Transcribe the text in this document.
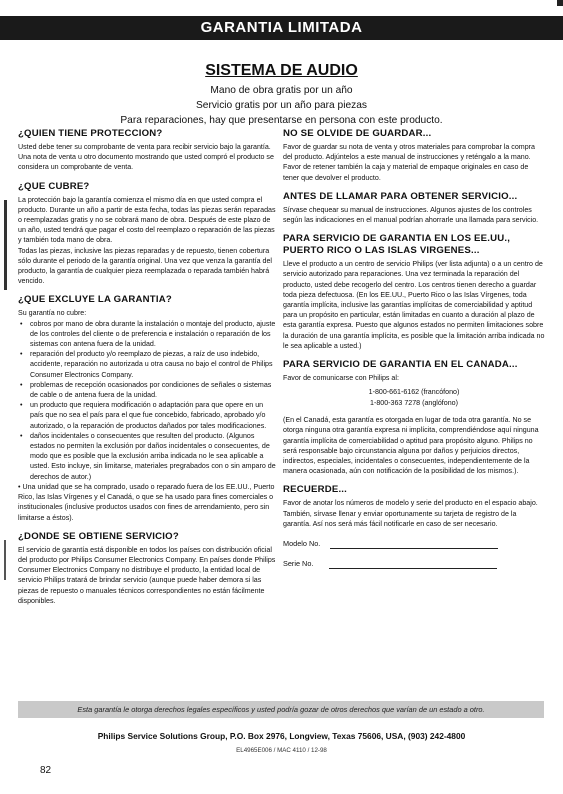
GARANTIA LIMITADA
SISTEMA DE AUDIO
Mano de obra gratis por un año
Servicio gratis por un año para piezas
Para reparaciones, hay que presentarse en persona con este producto.
¿QUIEN TIENE PROTECCION?

Usted debe tener su comprobante de venta para recibir servicio bajo la garantía. Una nota de venta u otro documento mostrando que usted compró el producto se considera un comprobante de venta.

¿QUE CUBRE?

La protección bajo la garantía comienza el mismo día en que usted compra el producto. Durante un año a partir de esta fecha, todas las piezas serán reparadas o reemplazadas gratis y no se cobrará mano de obra. Después de este plazo de un año, usted tendrá que pagar el costo del reemplazo o reparación de las piezas y también toda mano de obra.

Todas las piezas, inclusive las piezas reparadas y de repuesto, tienen cobertura sólo durante el periodo de la garantía original. Una vez que venza la garantía del producto, la garantía de cualquier pieza reemplazada o reparada también habrá vencido.

¿QUE EXCLUYE LA GARANTIA?

Su garantía no cubre:

• cobros por mano de obra durante la instalación o montaje del producto, ajuste de los controles del cliente o de preferencia e instalación o reparación de los sistemas con antena fuera de la unidad.
• reparación del producto y/o reemplazo de piezas, a raíz de uso indebido, accidente, reparación no autorizada u otra causa no bajo el control de Philips Consumer Electronics Company.
• problemas de recepción ocasionados por condiciones de señales o sistemas de cable o de antena fuera de la unidad.
• un producto que requiera modificación o adaptación para que opere en un país que no sea el país para el que fue concebido, fabricado, aprobado y/o autorizado, o la reparación de productos dañados por tales modificaciones.
• daños incidentales o consecuentes que resulten del producto. (Algunos estados no permiten la exclusión por daños incidentales o consecuentes, de modo que es posible que la exclusión arriba indicada no le sea aplicable a usted. Esto incluye, sin limitarse, materiales pregrabados con o sin amparo de derechos de autor.)

• Una unidad que se ha comprado, usado o reparado fuera de los EE.UU., Puerto Rico, las Islas Vírgenes y el Canadá, o que se ha usado para fines comerciales o institucionales (inclusive productos usados con fines de arrendamiento, pero sin limitarse a éstos).

¿DONDE SE OBTIENE SERVICIO?

El servicio de garantía está disponible en todos los países con distribución oficial del producto por Philips Consumer Electronics Company. En países donde Philips Consumer Electronics Company no distribuye el producto, la entidad local de servicio Philips tratará de brindar servicio (aunque puede haber demora si las piezas de repuesto o manuales técnicos correspondientes no están fácilmente disponibles.

NO SE OLVIDE DE GUARDAR...

Favor de guardar su nota de venta y otros materiales para comprobar la compra del producto. Adjúntelos a este manual de instrucciones y reténgalo a la mano. Favor de retener también la caja y material de empaque originales en caso de tener que devolver el producto.

ANTES DE LLAMAR PARA OBTENER SERVICIO...

Sírvase chequear su manual de instrucciones. Algunos ajustes de los controles según las indicaciones en el manual podrían ahorrarle una llamada para servicio.

PARA SERVICIO DE GARANTIA EN LOS EE.UU., PUERTO RICO O LAS ISLAS VIRGENES...

Lleve el producto a un centro de servicio Philips (ver lista adjunta) o a un centro de servicio autorizado para reparaciones. Una vez terminada la reparación del producto, usted debe recogerlo del centro. Los centros tienen derecho a guardar toda pieza defectuosa. (En los EE.UU., Puerto Rico o las Islas Vírgenes, toda garantía implícita, inclusive las garantías implícitas de comerciabilidad y aptitud para un propósito en particular, están limitadas en cuanto a duración al plazo de esta garantía expresa. Puesto que algunos estados no permiten limitaciones sobre la duración de una garantía implícita, es posible que la limitación arriba indicada no le sea aplicable a usted.)

PARA SERVICIO DE GARANTIA EN EL CANADA...

Favor de comunicarse con Philips al:

1-800-661-6162 (francófono)
1-800-363 7278 (anglófono)

(En el Canadá, esta garantía es otorgada en lugar de toda otra garantía. No se otorga ninguna otra garantía expresa ni implícita, comprendiéndose aquí ninguna garantía implícita de comerciabilidad o aptitud para propósito alguno. Philips no será responsable bajo circunstancia alguna por daños y perjuicios directos, indirectos, especiales, incidentales o consecuentes, independientemente de la manera ocasionada, aún con notificación de la posibilidad de los mismos.).

RECUERDE...

Favor de anotar los números de modelo y serie del producto en el espacio abajo. También, sírvase llenar y enviar oportunamente su tarjeta de registro de la garantía. Así nos será más fácil notificarle en caso de ser necesario.

Modelo No.
Serie No.
Esta garantía le otorga derechos legales específicos y usted podría gozar de otros derechos que varían de un estado a otro.
Philips Service Solutions Group, P.O. Box 2976, Longview, Texas 75606, USA, (903) 242-4800
EL4965E006 / MAC 4110 / 12-98
82
